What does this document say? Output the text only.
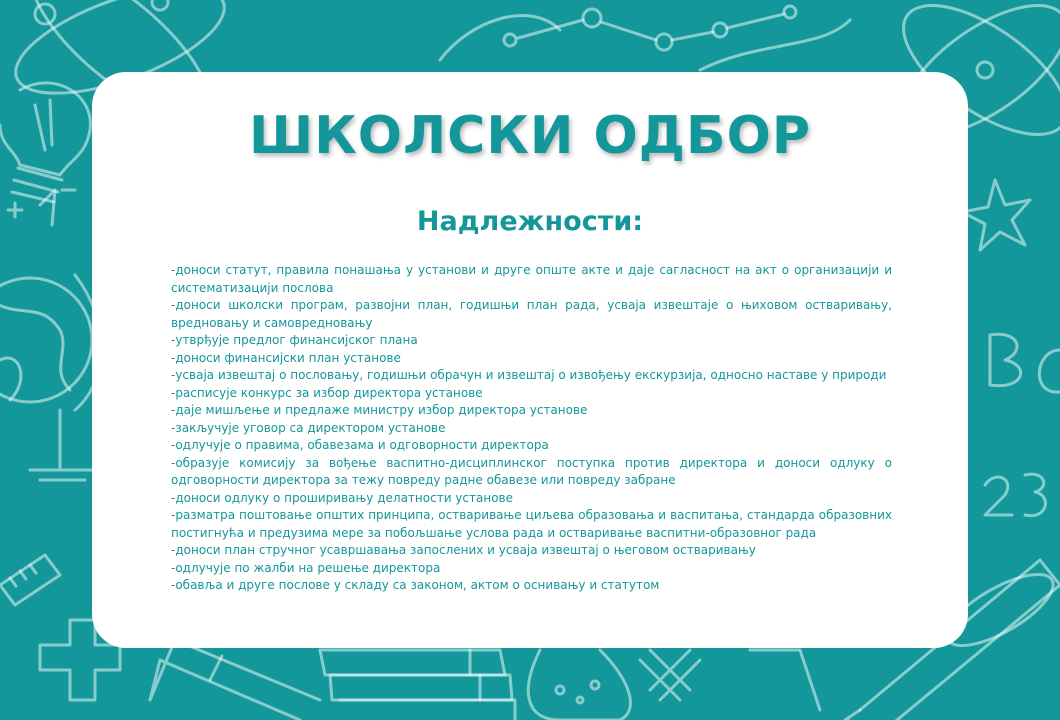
ШКОЛСКИ ОДБОР
Надлежности:
-доноси статут, правила понашања у установи и друге опште акте и даје сагласност на акт о организацији и систематизацији послова
-доноси школски програм, развојни план, годишњи план рада, усваја извештаје о њиховом остваривању, вредновању и самовредновању
-утврђује предлог финансијског плана
-доноси финансијски план установе
-усваја извештај о пословању, годишњи обрачун и извештај о извођењу екскурзија, односно наставе у природи
-расписује конкурс за избор директора установе
-даје мишљење и предлаже министру избор директора установе
-закључује уговор са директором установе
-одлучује о правима, обавезама и одговорности директора
-образује комисију за вођење васпитно-дисциплинског поступка против директора и доноси одлуку о одговорности директора за тежу повреду радне обавезе или повреду забране
-доноси одлуку о проширивању делатности установе
-разматра поштовање општих принципа, остваривање циљева образовања и васпитања, стандарда образовних постигнућа и предузима мере за побољшање услова рада и остваривање васпитни-образовног рада
-доноси план стручног усавршавања запослених и усваја извештај о његовом остваривању
-одлучује по жалби на решење директора
-обавља и друге послове у складу са законом, актом о оснивању и статутом
